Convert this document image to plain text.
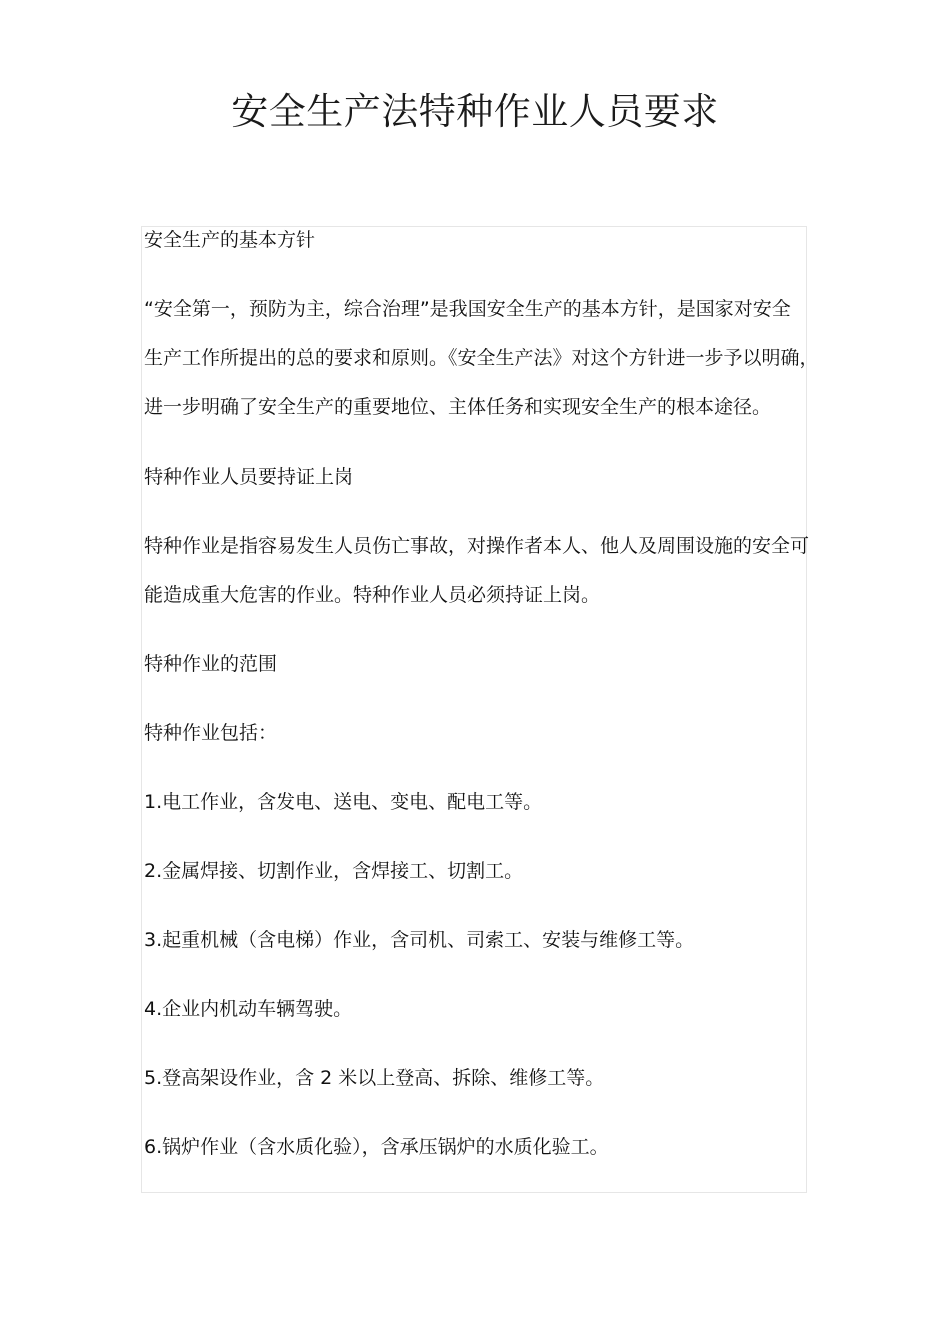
安全生产法特种作业人员要求
安全生产的基本方针
“安全第一，预防为主，综合治理”是我国安全生产的基本方针，是国家对安全
生产工作所提出的总的要求和原则。《安全生产法》对这个方针进一步予以明确，
进一步明确了安全生产的重要地位、主体任务和实现安全生产的根本途径。
特种作业人员要持证上岗
特种作业是指容易发生人员伤亡事故，对操作者本人、他人及周围设施的安全可
能造成重大危害的作业。特种作业人员必须持证上岗。
特种作业的范围
特种作业包括：
1.电工作业，含发电、送电、变电、配电工等。
2.金属焊接、切割作业，含焊接工、切割工。
3.起重机械（含电梯）作业，含司机、司索工、安装与维修工等。
4.企业内机动车辆驾驶。
5.登高架设作业，含 2 米以上登高、拆除、维修工等。
6.锅炉作业（含水质化验），含承压锅炉的水质化验工。
